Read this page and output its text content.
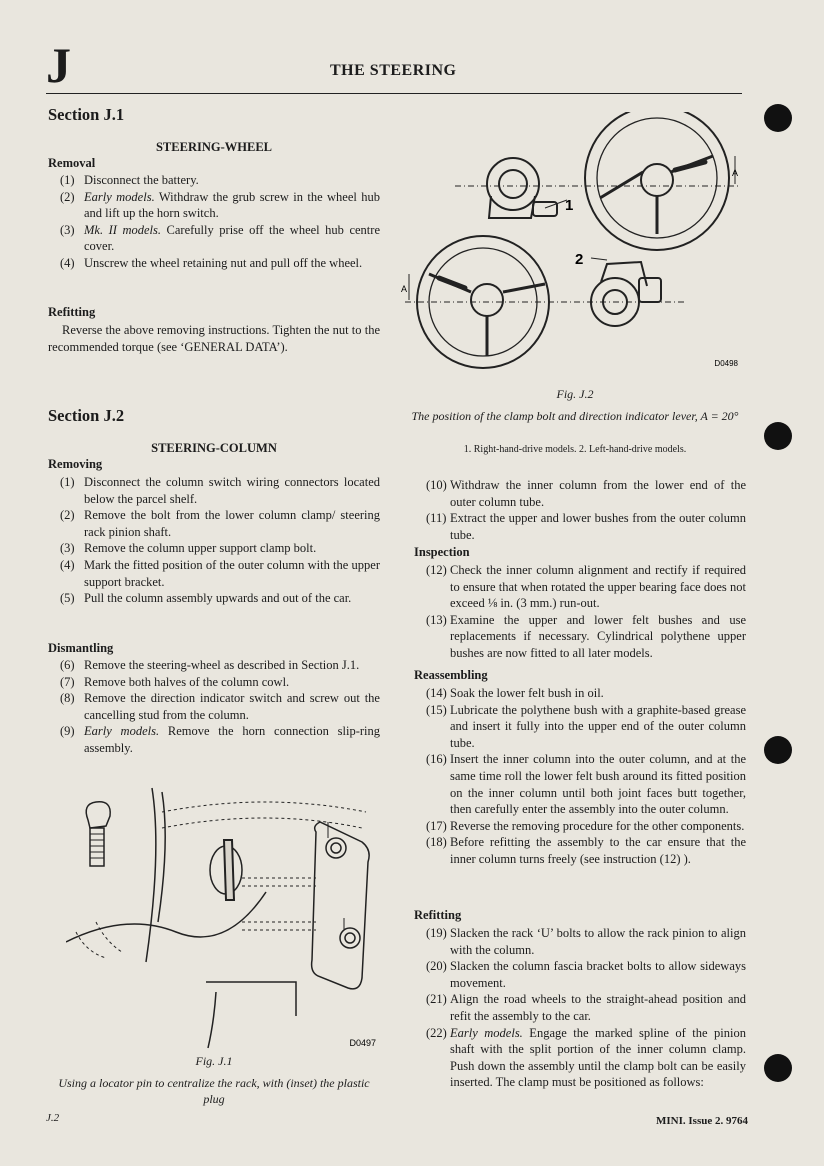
J	THE STEERING
Section J.1
STEERING-WHEEL
Removal
(1) Disconnect the battery.
(2) Early models. Withdraw the grub screw in the wheel hub and lift up the horn switch.
(3) Mk. II models. Carefully prise off the wheel hub centre cover.
(4) Unscrew the wheel retaining nut and pull off the wheel.
Refitting
Reverse the above removing instructions. Tighten the nut to the recommended torque (see ‘GENERAL DATA’).
A
A
1
2
D0498
Fig. J.2
The position of the clamp bolt and direction indicator lever, A = 20°
1. Right-hand-drive models. 2. Left-hand-drive models.
Section J.2
STEERING-COLUMN
Removing
(1) Disconnect the column switch wiring connectors located below the parcel shelf.
(2) Remove the bolt from the lower column clamp/ steering rack pinion shaft.
(3) Remove the column upper support clamp bolt.
(4) Mark the fitted position of the outer column with the upper support bracket.
(5) Pull the column assembly upwards and out of the car.
Dismantling
(6) Remove the steering-wheel as described in Section J.1.
(7) Remove both halves of the column cowl.
(8) Remove the direction indicator switch and screw out the cancelling stud from the column.
(9) Early models. Remove the horn connection slip-ring assembly.
D0497
Fig. J.1
Using a locator pin to centralize the rack, with (inset) the plastic plug
(10) Withdraw the inner column from the lower end of the outer column tube.
(11) Extract the upper and lower bushes from the outer column tube.
Inspection
(12) Check the inner column alignment and rectify if required to ensure that when rotated the upper bearing face does not exceed ⅛ in. (3 mm.) run-out.
(13) Examine the upper and lower felt bushes and use replacements if necessary. Cylindrical polythene upper bushes are now fitted to all later models.
Reassembling
(14) Soak the lower felt bush in oil.
(15) Lubricate the polythene bush with a graphite-based grease and insert it fully into the upper end of the outer column tube.
(16) Insert the inner column into the outer column, and at the same time roll the lower felt bush around its fitted position on the inner column until both joint faces butt together, then carefully enter the assembly into the outer column.
(17) Reverse the removing procedure for the other components.
(18) Before refitting the assembly to the car ensure that the inner column turns freely (see instruction (12) ).
Refitting
(19) Slacken the rack ‘U’ bolts to allow the rack pinion to align with the column.
(20) Slacken the column fascia bracket bolts to allow sideways movement.
(21) Align the road wheels to the straight-ahead position and refit the assembly to the car.
(22) Early models. Engage the marked spline of the pinion shaft with the split portion of the inner column clamp. Push down the assembly until the clamp bolt can be easily inserted. The clamp must be positioned as follows:
J.2	MINI. Issue 2. 9764
